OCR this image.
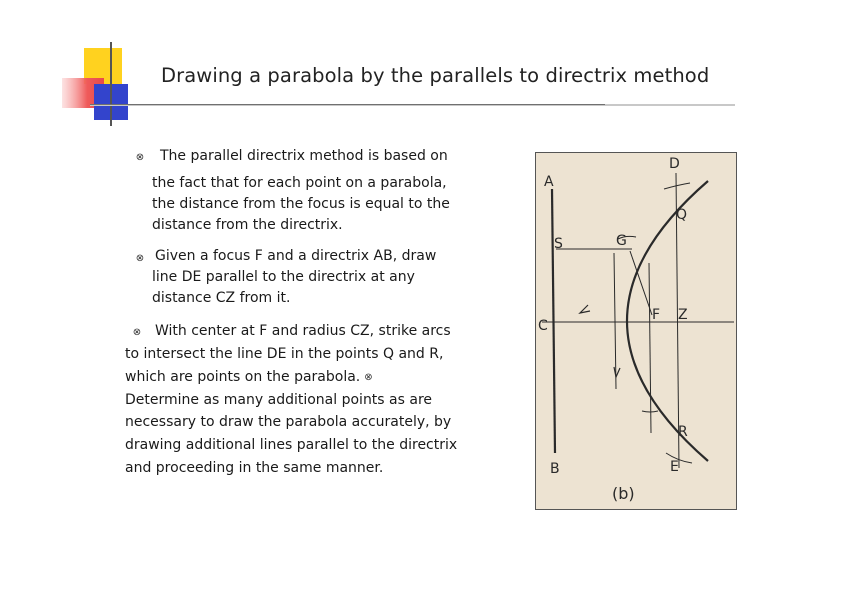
Drawing a parabola by the parallels to directrix method
⊗ The parallel directrix method is based on
the fact that for each point on a parabola,
the distance from the focus is equal to the
distance from the directrix.
⊗ Given a focus F and a directrix AB, draw
line DE parallel to the directrix at any
distance CZ from it.
⊗ With center at F and radius CZ, strike arcs
to intersect the line DE in the points Q and R,
which are points on the parabola. ⊗
Determine as many additional points as are
necessary to draw the parabola accurately, by
drawing additional lines parallel to the directrix
and proceeding in the same manner.
A
B
C
D
E
F
G
S
Q
R
Z
(b)
